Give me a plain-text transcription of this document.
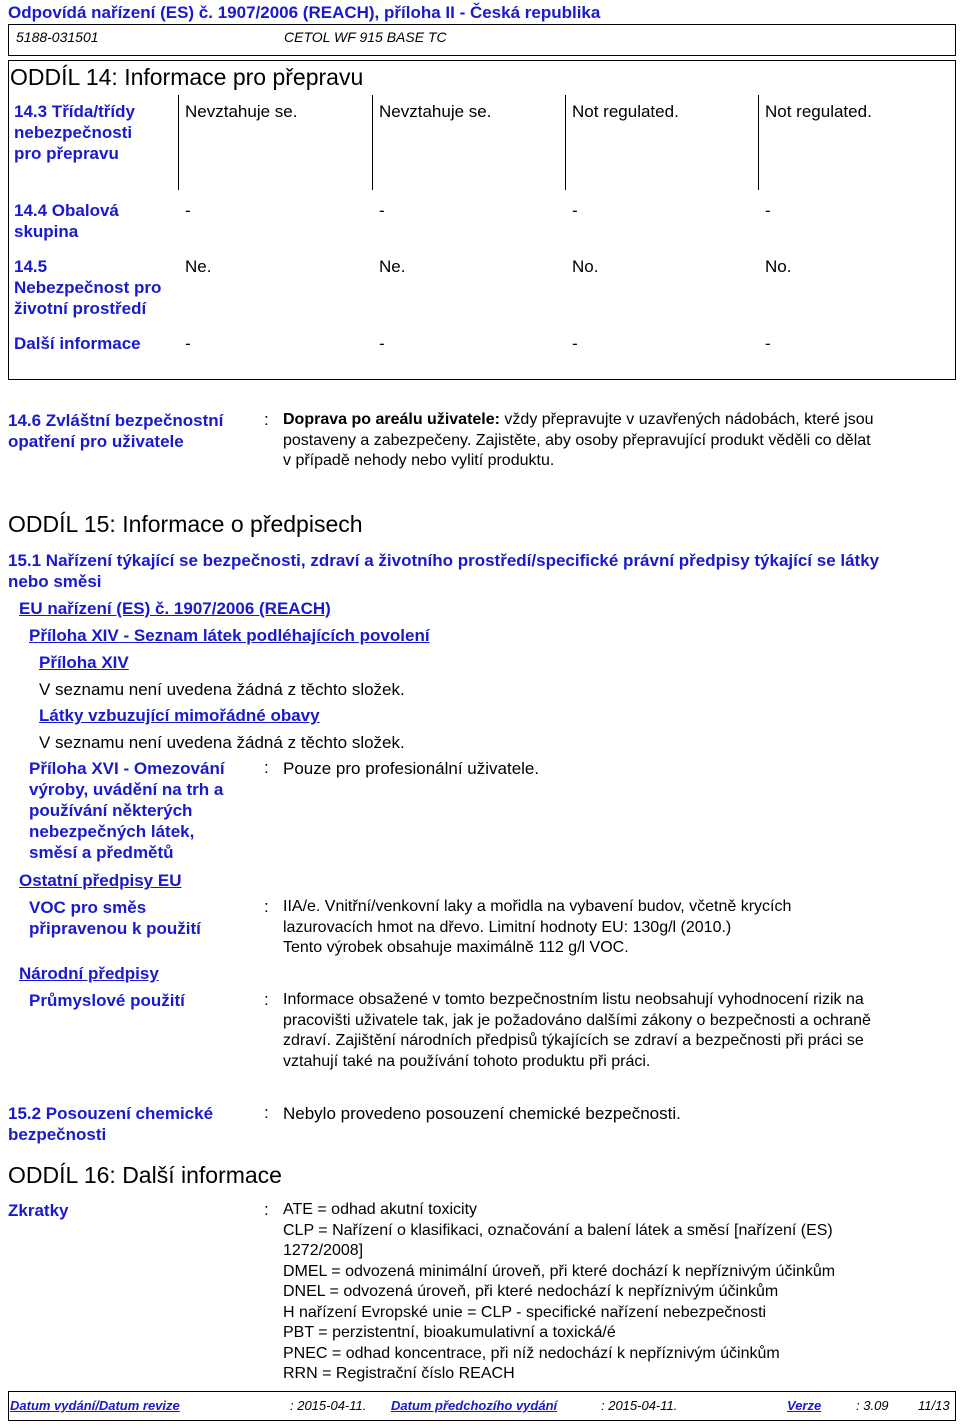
Odpovídá nařízení (ES) č. 1907/2006 (REACH), příloha II - Česká republika
5188-031501	CETOL WF 915 BASE TC
ODDÍL 14: Informace pro přepravu
14.3 Třída/třídy
nebezpečnosti
pro přepravu
Nevztahuje se.	Nevztahuje se.	Not regulated.	Not regulated.
14.4 Obalová
skupina
-	-	-	-
14.5
Nebezpečnost pro
životní prostředí
Ne.	Ne.	No.	No.
Další informace	-	-	-	-
14.6 Zvláštní bezpečnostní
opatření pro uživatele
: Doprava po areálu uživatele: vždy přepravujte v uzavřených nádobách, které jsou
postaveny a zabezpečeny. Zajistěte, aby osoby přepravující produkt věděli co dělat
v případě nehody nebo vylití produktu.
ODDÍL 15: Informace o předpisech
15.1 Nařízení týkající se bezpečnosti, zdraví a životního prostředí/specifické právní předpisy týkající se látky
nebo směsi
EU nařízení (ES) č. 1907/2006 (REACH)
Příloha XIV - Seznam látek podléhajících povolení
Příloha XIV
V seznamu není uvedena žádná z těchto složek.
Látky vzbuzující mimořádné obavy
V seznamu není uvedena žádná z těchto složek.
Příloha XVI - Omezování
výroby, uvádění na trh a
používání některých
nebezpečných látek,
směsí a předmětů
: Pouze pro profesionální uživatele.
Ostatní předpisy EU
VOC pro směs
připravenou k použití
: IIA/e. Vnitřní/venkovní laky a mořidla na vybavení budov, včetně krycích
lazurovacích hmot na dřevo. Limitní hodnoty EU: 130g/l (2010.)
Tento výrobek obsahuje maximálně 112 g/l VOC.
Národní předpisy
Průmyslové použití	: Informace obsažené v tomto bezpečnostním listu neobsahují vyhodnocení rizik na
pracovišti uživatele tak, jak je požadováno dalšími zákony o bezpečnosti a ochraně
zdraví. Zajištění národních předpisů týkajících se zdraví a bezpečnosti při práci se
vztahují také na používání tohoto produktu při práci.
15.2 Posouzení chemické
bezpečnosti
: Nebylo provedeno posouzení chemické bezpečnosti.
ODDÍL 16: Další informace
Zkratky	: ATE = odhad akutní toxicity
CLP = Nařízení o klasifikaci, označování a balení látek a směsí [nařízení (ES)
1272/2008]
DMEL = odvozená minimální úroveň, při které dochází k nepříznivým účinkům
DNEL = odvozená úroveň, při které nedochází k nepříznivým účinkům
H nařízení Evropské unie = CLP - specifické nařízení nebezpečnosti
PBT = perzistentní, bioakumulativní a toxická/é
PNEC = odhad koncentrace, při níž nedochází k nepříznivým účinkům
RRN = Registrační číslo REACH
Datum vydání/Datum revize	: 2015-04-11. Datum předchozího vydání	: 2015-04-11.	Verze	: 3.09 11/13
